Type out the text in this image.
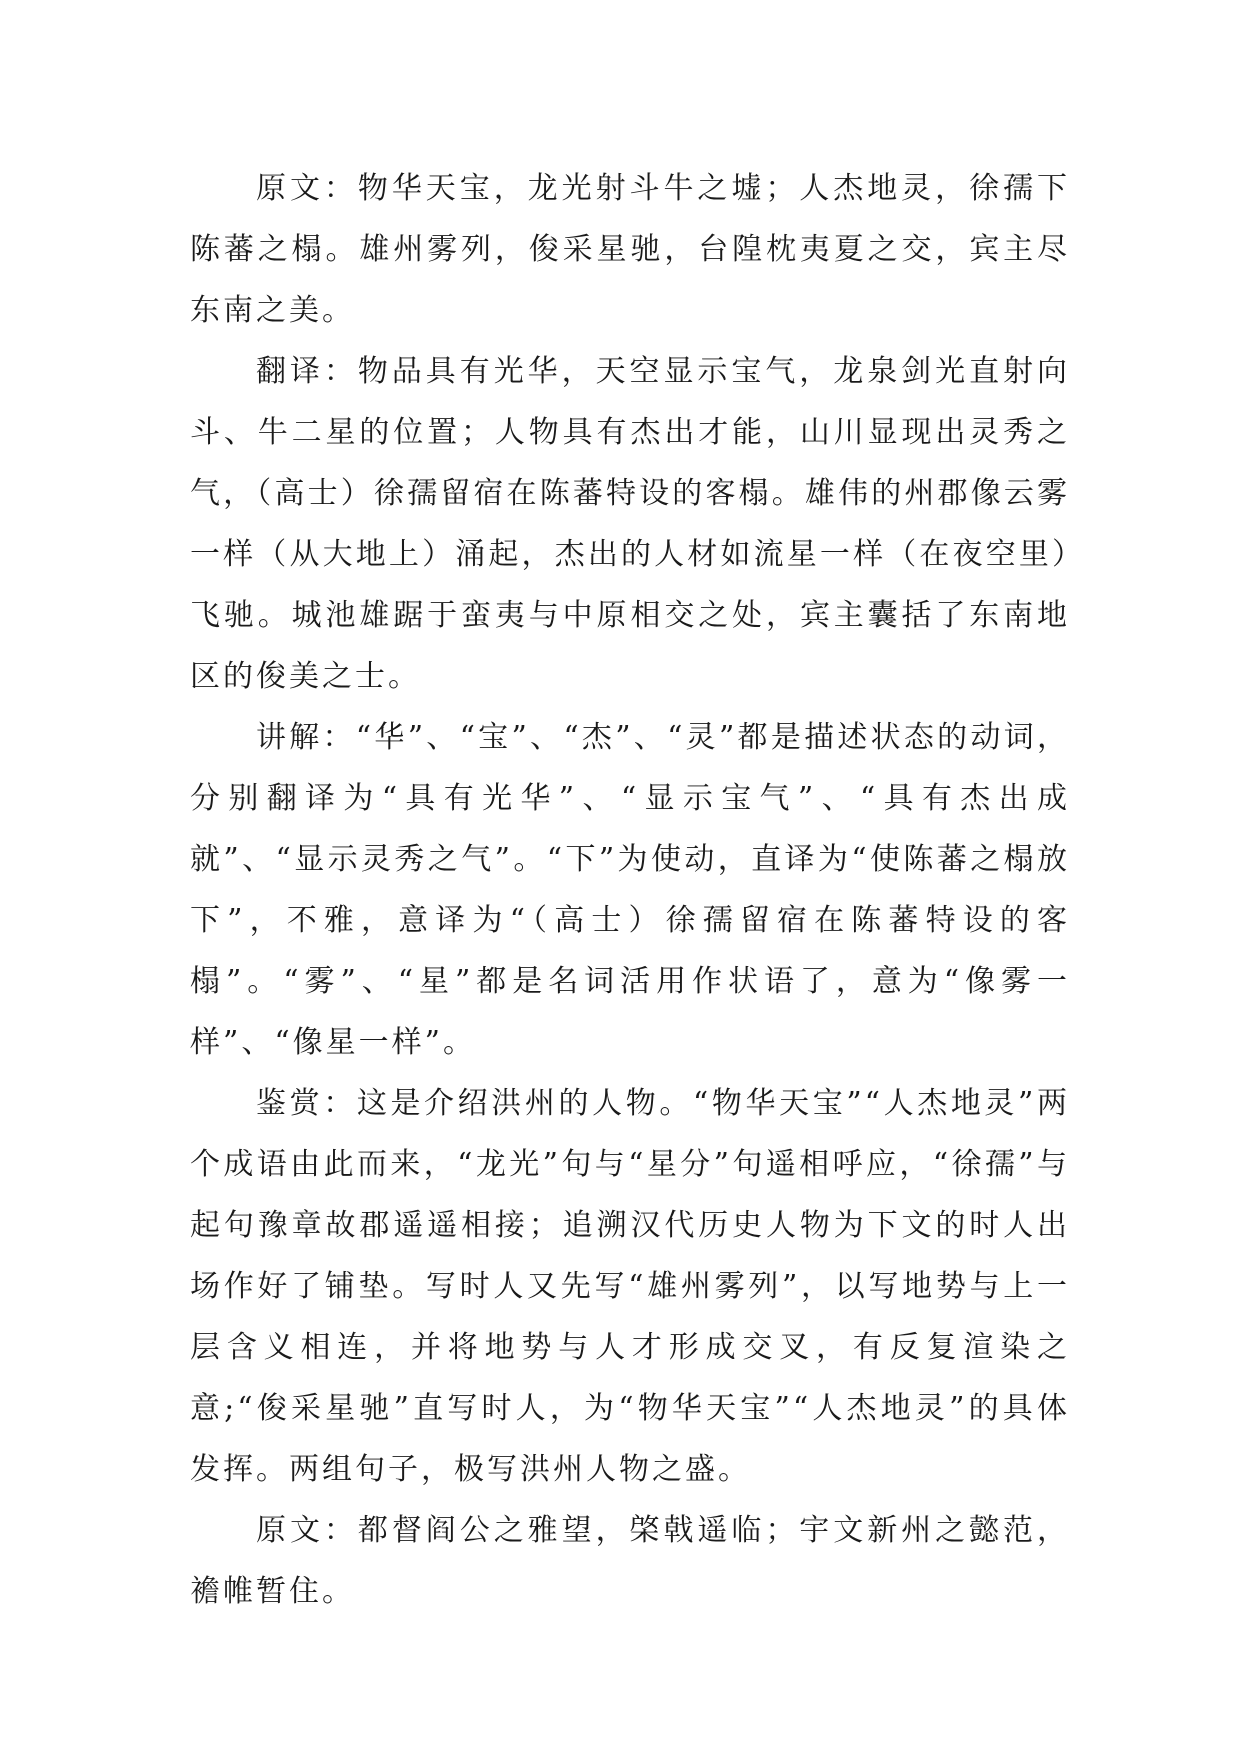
原文：物华天宝，龙光射斗牛之墟；人杰地灵，徐孺下陈蕃之榻。雄州雾列，俊采星驰，台隍枕夷夏之交，宾主尽东南之美。

翻译：物品具有光华，天空显示宝气，龙泉剑光直射向斗、牛二星的位置；人物具有杰出才能，山川显现出灵秀之气，（高士）徐孺留宿在陈蕃特设的客榻。雄伟的州郡像云雾一样（从大地上）涌起，杰出的人材如流星一样（在夜空里）飞驰。城池雄踞于蛮夷与中原相交之处，宾主囊括了东南地区的俊美之士。

讲解：“华”、“宝”、“杰”、“灵”都是描述状态的动词，分别翻译为“具有光华”、“显示宝气”、“具有杰出成就”、“显示灵秀之气”。“下”为使动，直译为“使陈蕃之榻放下”，不雅，意译为“（高士）徐孺留宿在陈蕃特设的客榻”。“雾”、“星”都是名词活用作状语了，意为“像雾一样”、“像星一样”。

鉴赏：这是介绍洪州的人物。“物华天宝”“人杰地灵”两个成语由此而来，“龙光”句与“星分”句遥相呼应，“徐孺”与起句豫章故郡遥遥相接；追溯汉代历史人物为下文的时人出场作好了铺垫。写时人又先写“雄州雾列”，以写地势与上一层含义相连，并将地势与人才形成交叉，有反复渲染之意;“俊采星驰”直写时人，为“物华天宝”“人杰地灵”的具体发挥。两组句子，极写洪州人物之盛。

原文：都督阎公之雅望，棨戟遥临；宇文新州之懿范，襜帷暂住。
